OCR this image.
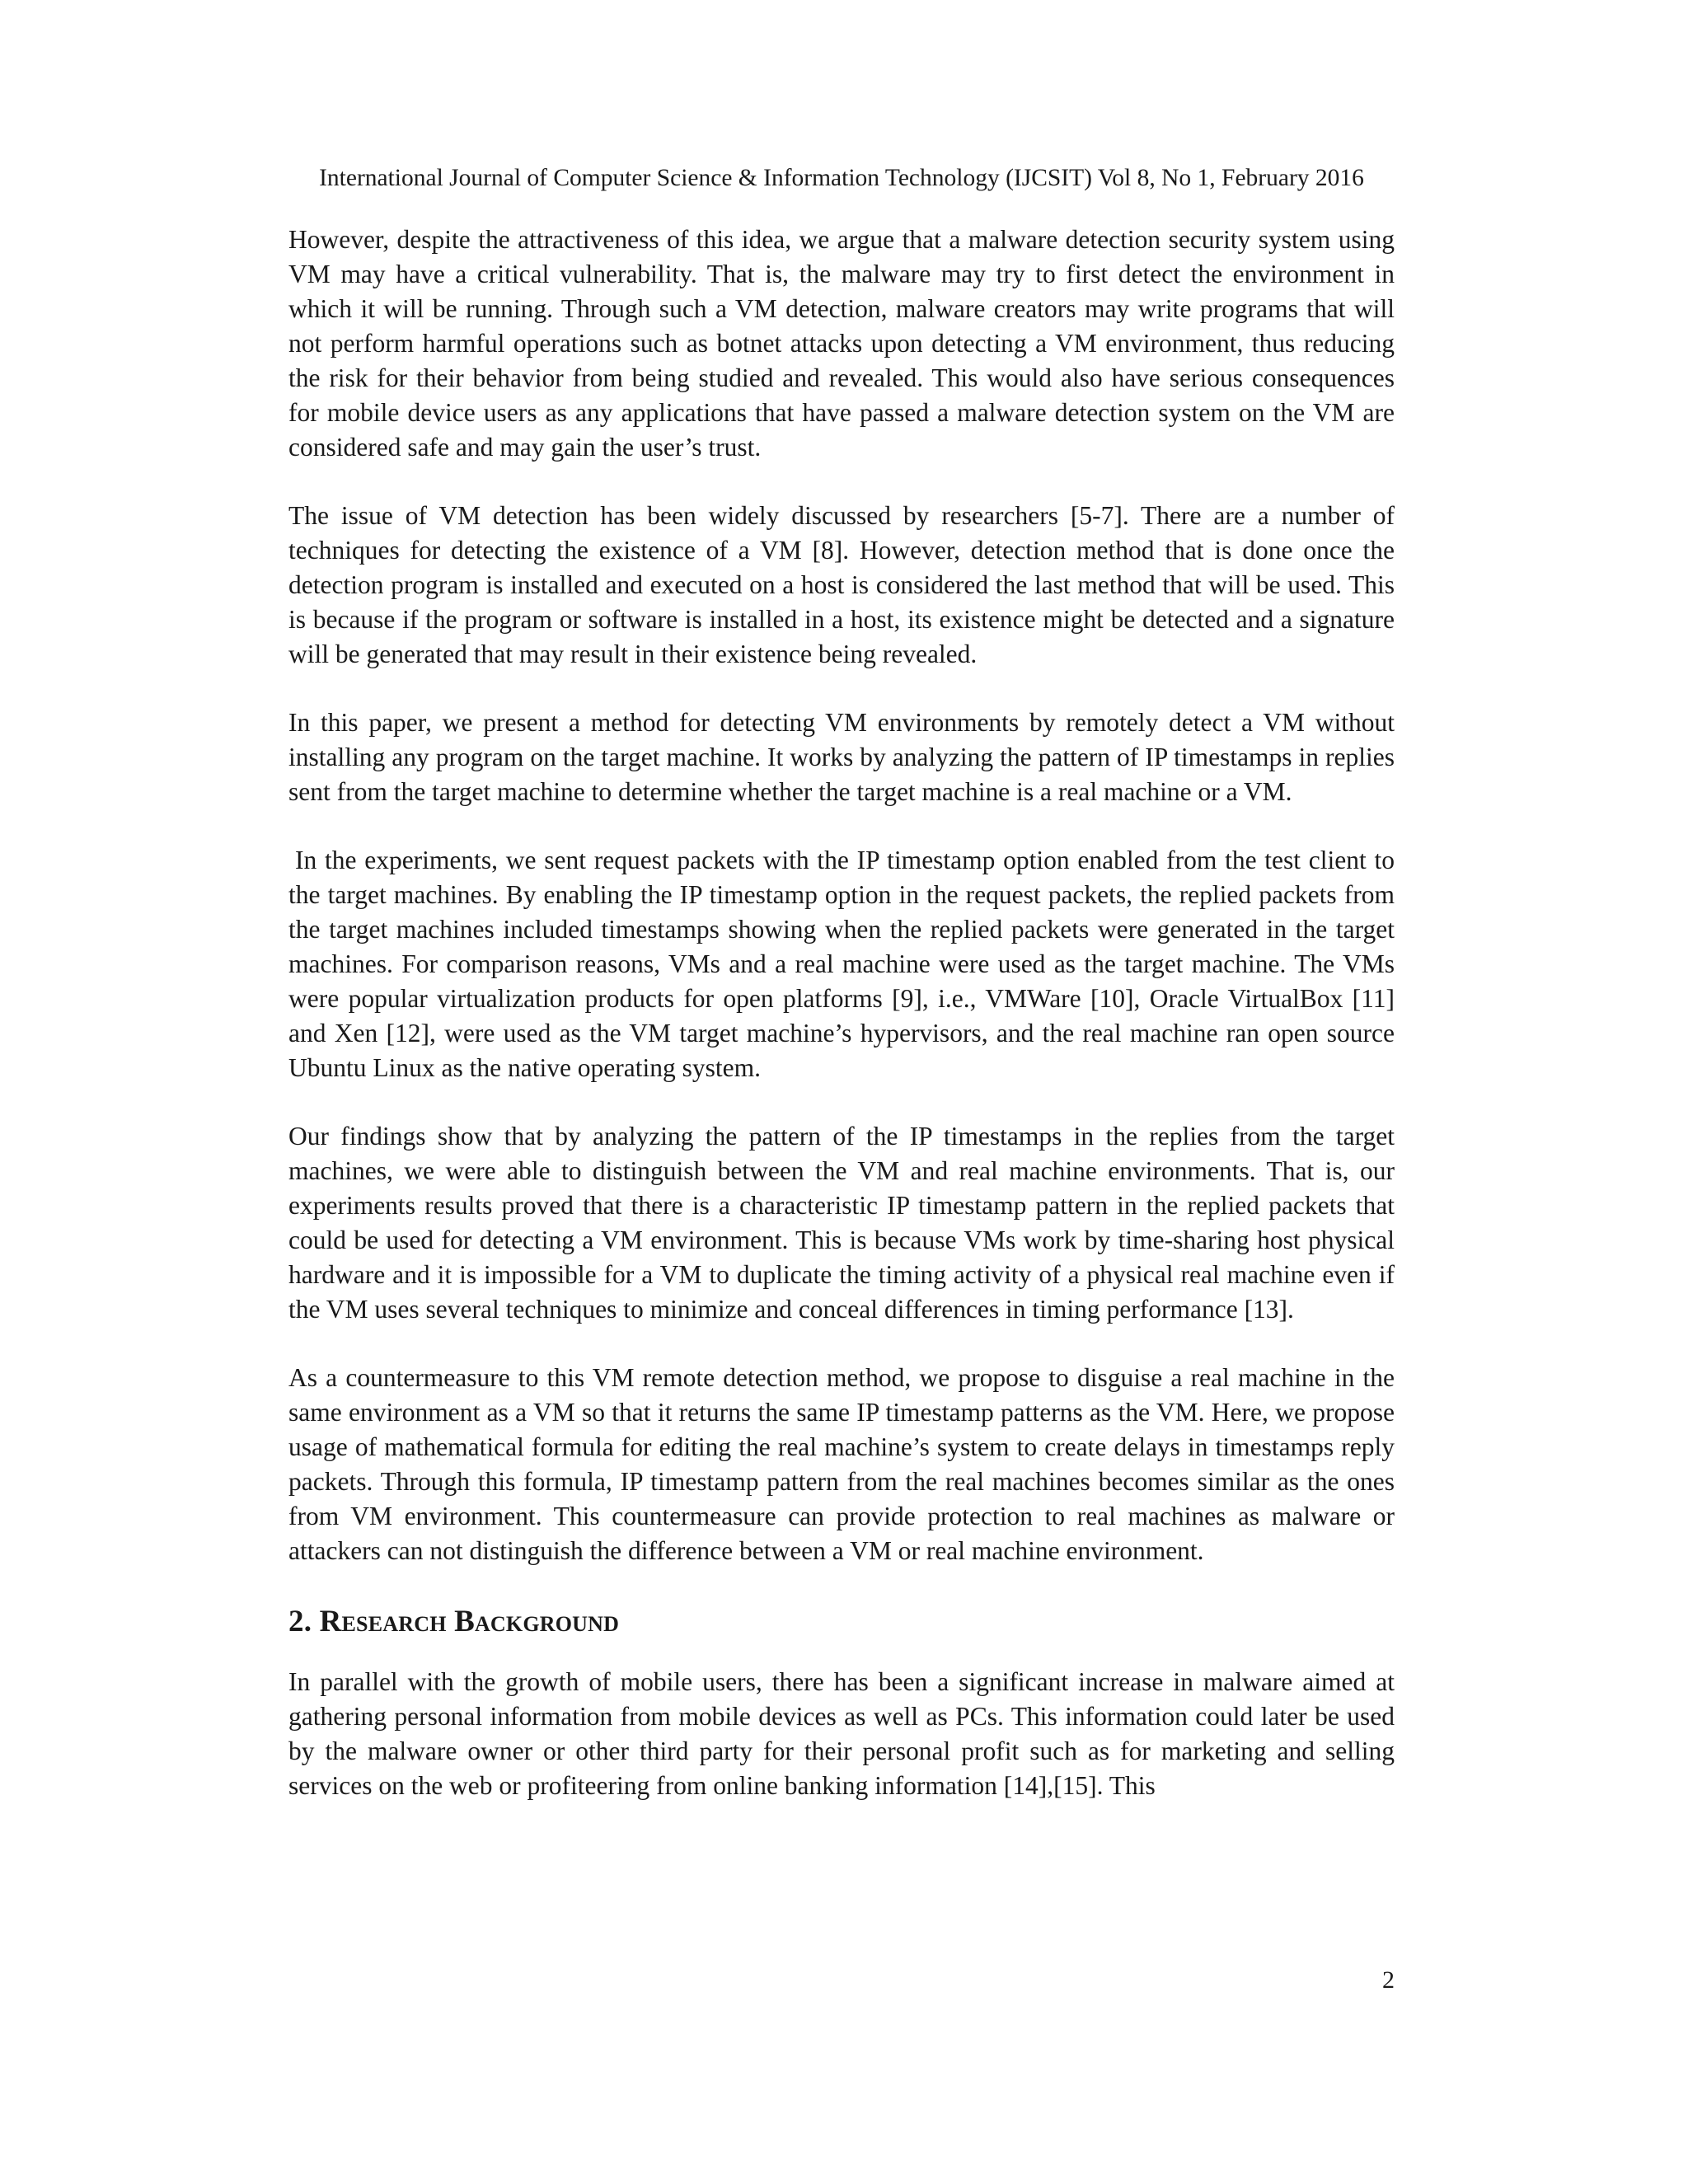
International Journal of Computer Science & Information Technology (IJCSIT) Vol 8, No 1, February 2016

However, despite the attractiveness of this idea, we argue that a malware detection security system using VM may have a critical vulnerability. That is, the malware may try to first detect the environment in which it will be running. Through such a VM detection, malware creators may write programs that will not perform harmful operations such as botnet attacks upon detecting a VM environment, thus reducing the risk for their behavior from being studied and revealed. This would also have serious consequences for mobile device users as any applications that have passed a malware detection system on the VM are considered safe and may gain the user’s trust.

The issue of VM detection has been widely discussed by researchers [5-7]. There are a number of techniques for detecting the existence of a VM [8]. However, detection method that is done once the detection program is installed and executed on a host is considered the last method that will be used. This is because if the program or software is installed in a host, its existence might be detected and a signature will be generated that may result in their existence being revealed.

In this paper, we present a method for detecting VM environments by remotely detect a VM without installing any program on the target machine. It works by analyzing the pattern of IP timestamps in replies sent from the target machine to determine whether the target machine is a real machine or a VM.

In the experiments, we sent request packets with the IP timestamp option enabled from the test client to the target machines. By enabling the IP timestamp option in the request packets, the replied packets from the target machines included timestamps showing when the replied packets were generated in the target machines. For comparison reasons, VMs and a real machine were used as the target machine. The VMs were popular virtualization products for open platforms [9], i.e., VMWare [10], Oracle VirtualBox [11] and Xen [12], were used as the VM target machine’s hypervisors, and the real machine ran open source Ubuntu Linux as the native operating system.

Our findings show that by analyzing the pattern of the IP timestamps in the replies from the target machines, we were able to distinguish between the VM and real machine environments. That is, our experiments results proved that there is a characteristic IP timestamp pattern in the replied packets that could be used for detecting a VM environment. This is because VMs work by time-sharing host physical hardware and it is impossible for a VM to duplicate the timing activity of a physical real machine even if the VM uses several techniques to minimize and conceal differences in timing performance [13].

As a countermeasure to this VM remote detection method, we propose to disguise a real machine in the same environment as a VM so that it returns the same IP timestamp patterns as the VM. Here, we propose usage of mathematical formula for editing the real machine’s system to create delays in timestamps reply packets. Through this formula, IP timestamp pattern from the real machines becomes similar as the ones from VM environment. This countermeasure can provide protection to real machines as malware or attackers can not distinguish the difference between a VM or real machine environment.

2. Research Background

In parallel with the growth of mobile users, there has been a significant increase in malware aimed at gathering personal information from mobile devices as well as PCs. This information could later be used by the malware owner or other third party for their personal profit such as for marketing and selling services on the web or profiteering from online banking information [14],[15]. This

2
